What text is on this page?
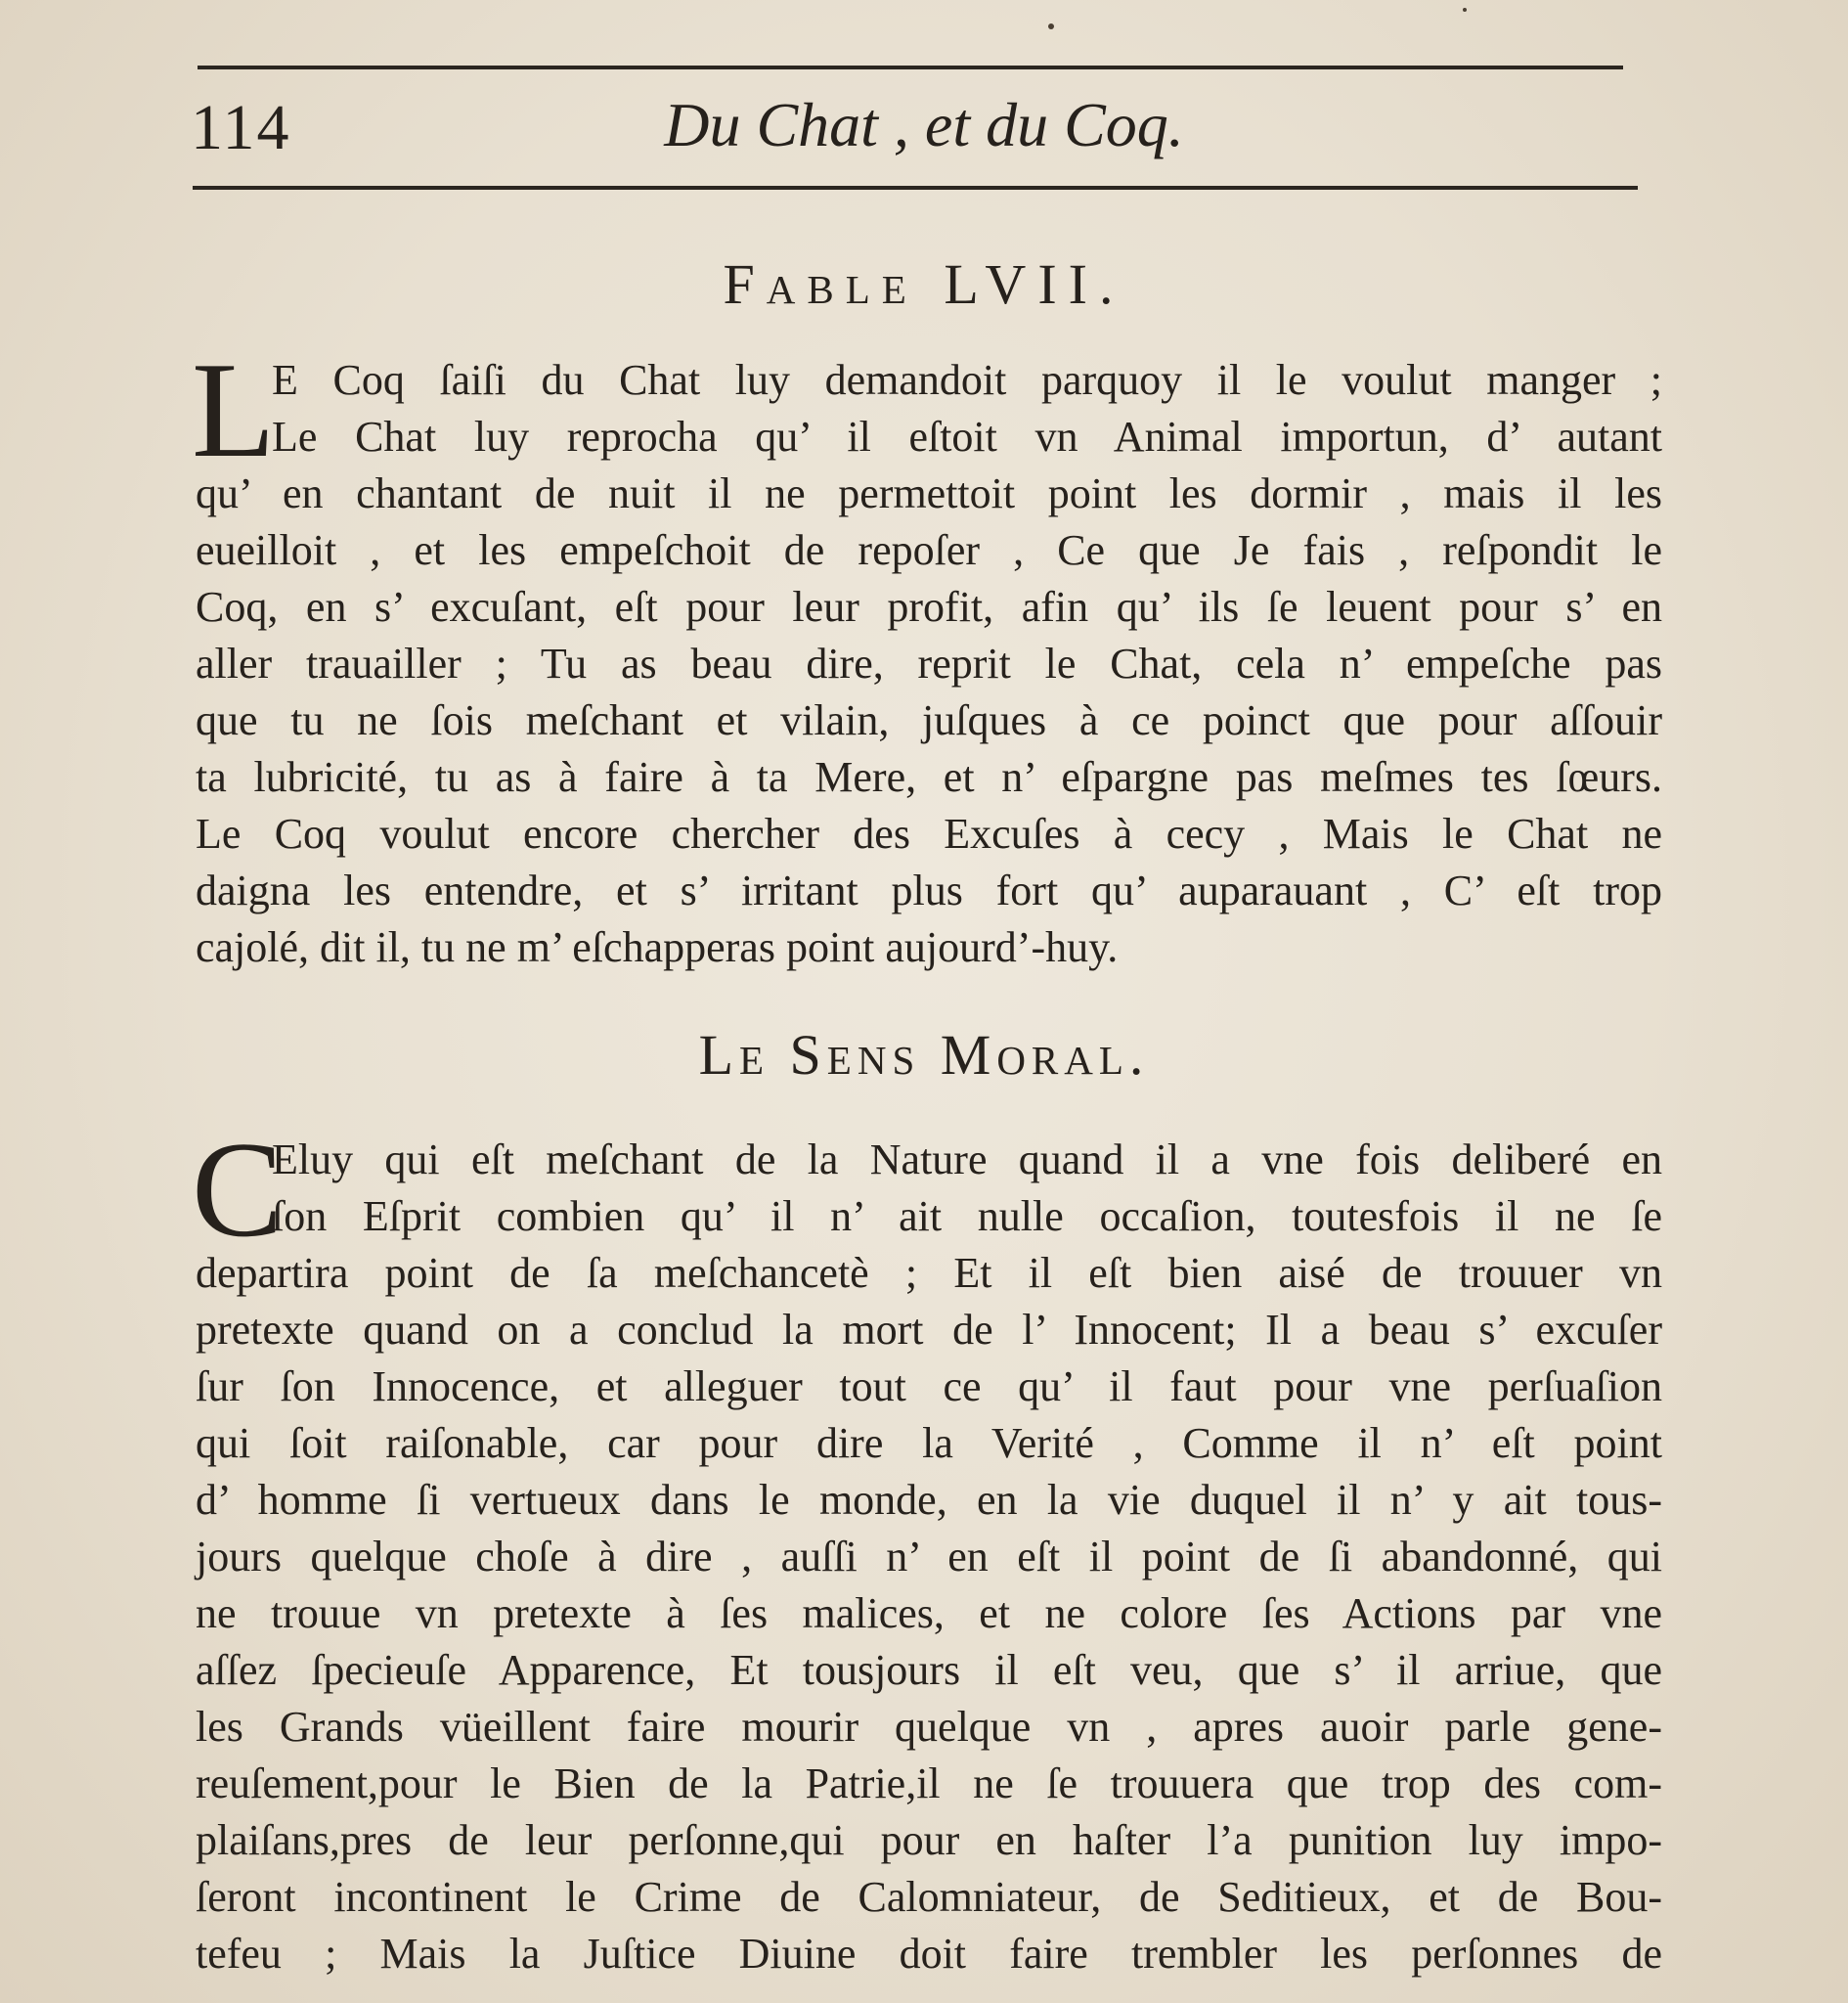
114	Du Chat , et du Coq.
Fable LVII.
L
E Coq ſaiſi du Chat luy demandoit parquoy il le voulut manger ;
Le Chat luy reprocha qu’ il eſtoit vn Animal importun, d’ autant
qu’ en chantant de nuit il ne permettoit point les dormir , mais il les
eueilloit , et les empeſchoit de repoſer , Ce que Je fais , reſpondit le
Coq, en s’ excuſant, eſt pour leur profit, afin qu’ ils ſe leuent pour s’ en
aller trauailler ; Tu as beau dire, reprit le Chat, cela n’ empeſche pas
que tu ne ſois meſchant et vilain, juſques à ce poinct que pour aſſouir
ta lubricité, tu as à faire à ta Mere, et n’ eſpargne pas meſmes tes ſœurs.
Le Coq voulut encore chercher des Excuſes à cecy , Mais le Chat ne
daigna les entendre, et s’ irritant plus fort qu’ auparauant , C’ eſt trop
cajolé, dit il, tu ne m’ eſchapperas point aujourd’-huy.
Le Sens Moral.
C
Eluy qui eſt meſchant de la Nature quand il a vne fois deliberé en
ſon Eſprit combien qu’ il n’ ait nulle occaſion, toutesfois il ne ſe
departira point de ſa meſchancetè ; Et il eſt bien aisé de trouuer vn
pretexte quand on a conclud la mort de l’ Innocent; Il a beau s’ excuſer
ſur ſon Innocence, et alleguer tout ce qu’ il faut pour vne perſuaſion
qui ſoit raiſonable, car pour dire la Verité , Comme il n’ eſt point
d’ homme ſi vertueux dans le monde, en la vie duquel il n’ y ait tous-
jours quelque choſe à dire , auſſi n’ en eſt il point de ſi abandonné, qui
ne trouue vn pretexte à ſes malices, et ne colore ſes Actions par vne
aſſez ſpecieuſe Apparence, Et tousjours il eſt veu, que s’ il arriue, que
les Grands vüeillent faire mourir quelque vn , apres auoir parle gene-
reuſement,pour le Bien de la Patrie,il ne ſe trouuera que trop des com-
plaiſans,pres de leur perſonne,qui pour en haſter l’a punition luy impo-
ſeront incontinent le Crime de Calomniateur, de Seditieux, et de Bou-
tefeu ; Mais la Juſtice Diuine doit faire trembler les perſonnes de
